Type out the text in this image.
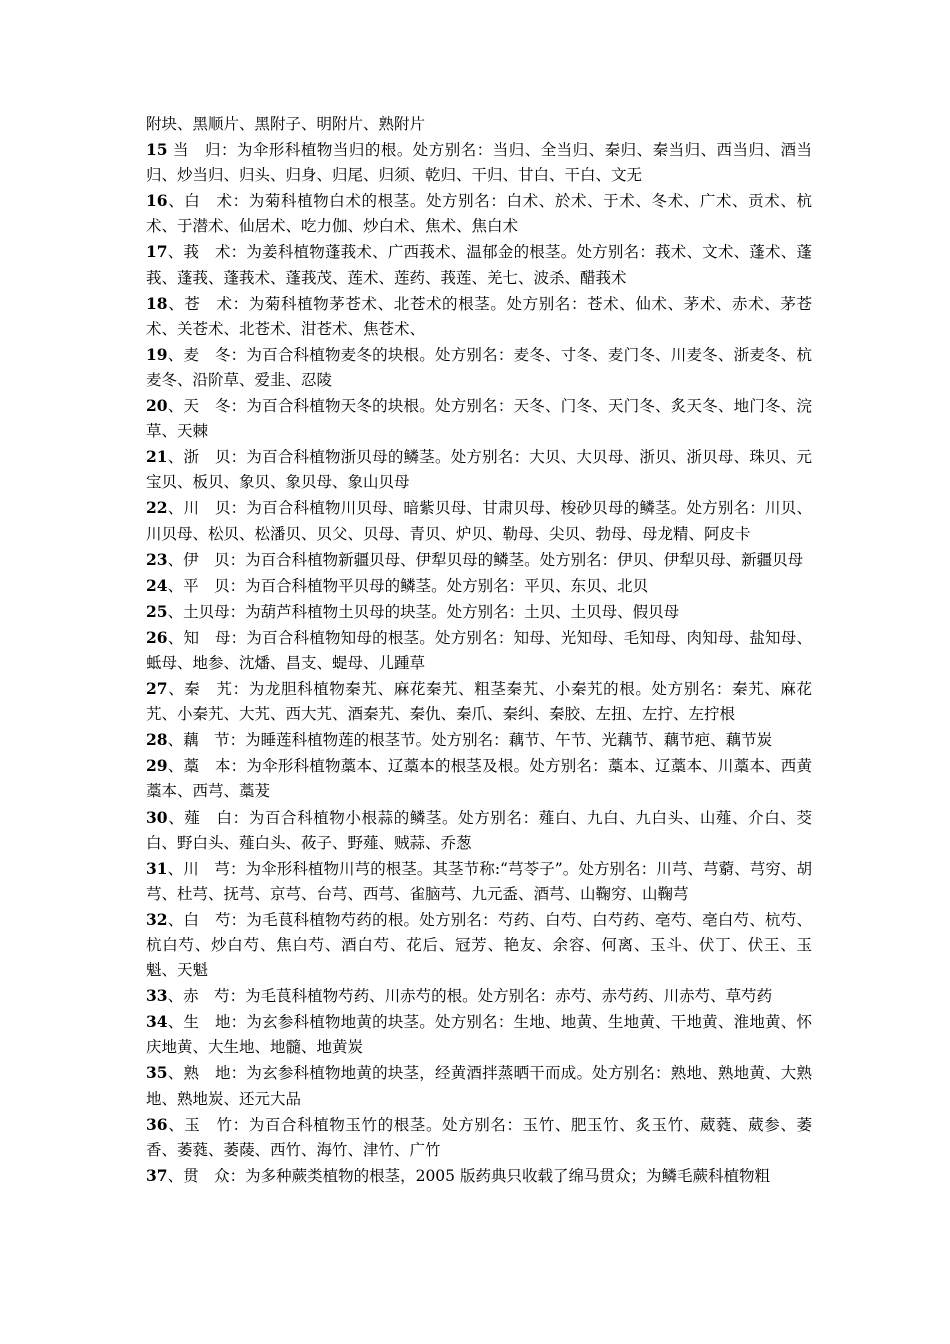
附块、黑顺片、黑附子、明附片、熟附片

15 当　归：为伞形科植物当归的根。处方别名：当归、全当归、秦归、秦当归、西当归、酒当归、炒当归、归头、归身、归尾、归须、乾归、干归、甘白、干白、文无

16、白　术：为菊科植物白术的根茎。处方别名：白术、於术、于术、冬术、广术、贡术、杭术、于潜术、仙居术、吃力伽、炒白术、焦术、焦白术

17、莪　术：为姜科植物蓬莪术、广西莪术、温郁金的根茎。处方别名：莪术、文术、蓬术、蓬莪、蓬莪、蓬莪术、蓬莪茂、莲术、莲药、莪莲、羌七、波杀、醋莪术

18、苍　术：为菊科植物茅苍术、北苍术的根茎。处方别名：苍术、仙术、茅术、赤术、茅苍术、关苍术、北苍术、泔苍术、焦苍术、

19、麦　冬：为百合科植物麦冬的块根。处方别名：麦冬、寸冬、麦门冬、川麦冬、浙麦冬、杭麦冬、沿阶草、爱韭、忍陵

20、天　冬：为百合科植物天冬的块根。处方别名：天冬、门冬、天门冬、炙天冬、地门冬、浣草、天棘

21、浙　贝：为百合科植物浙贝母的鳞茎。处方别名：大贝、大贝母、浙贝、浙贝母、珠贝、元宝贝、板贝、象贝、象贝母、象山贝母

22、川　贝：为百合科植物川贝母、暗紫贝母、甘肃贝母、梭砂贝母的鳞茎。处方别名：川贝、川贝母、松贝、松潘贝、贝父、贝母、青贝、炉贝、勒母、尖贝、勃母、母龙精、阿皮卡

23、伊　贝：为百合科植物新疆贝母、伊犁贝母的鳞茎。处方别名：伊贝、伊犁贝母、新疆贝母

24、平　贝：为百合科植物平贝母的鳞茎。处方别名：平贝、东贝、北贝

25、土贝母：为葫芦科植物土贝母的块茎。处方别名：土贝、土贝母、假贝母

26、知　母：为百合科植物知母的根茎。处方别名：知母、光知母、毛知母、肉知母、盐知母、蚳母、地参、沈燔、昌支、蝭母、儿踵草

27、秦　艽：为龙胆科植物秦艽、麻花秦艽、粗茎秦艽、小秦艽的根。处方别名：秦艽、麻花艽、小秦艽、大艽、西大艽、酒秦艽、秦仇、秦爪、秦纠、秦胶、左扭、左拧、左拧根

28、藕　节：为睡莲科植物莲的根茎节。处方别名：藕节、午节、光藕节、藕节疤、藕节炭

29、藁　本：为伞形科植物藁本、辽藁本的根茎及根。处方别名：藁本、辽藁本、川藁本、西黄藁本、西芎、藁茇

30、薤　白：为百合科植物小根蒜的鳞茎。处方别名：薤白、九白、九白头、山薤、介白、茭白、野白头、薤白头、莜子、野薤、贼蒜、乔葱

31、川　芎：为伞形科植物川芎的根茎。其茎节称:“芎苓子”。处方别名：川芎、芎藭、芎穷、胡芎、杜芎、抚芎、京芎、台芎、西芎、雀脑芎、九元盉、酒芎、山鞠穷、山鞠芎

32、白　芍：为毛茛科植物芍药的根。处方别名：芍药、白芍、白芍药、亳芍、亳白芍、杭芍、杭白芍、炒白芍、焦白芍、酒白芍、花后、冠芳、艳友、余容、何离、玉斗、伏丁、伏王、玉魁、天魁

33、赤　芍：为毛茛科植物芍药、川赤芍的根。处方别名：赤芍、赤芍药、川赤芍、草芍药

34、生　地：为玄参科植物地黄的块茎。处方别名：生地、地黄、生地黄、干地黄、淮地黄、怀庆地黄、大生地、地髓、地黄炭

35、熟　地：为玄参科植物地黄的块茎，经黄酒拌蒸晒干而成。处方别名：熟地、熟地黄、大熟地、熟地炭、还元大品

36、玉　竹：为百合科植物玉竹的根茎。处方别名：玉竹、肥玉竹、炙玉竹、葳蕤、葳参、萎香、萎蕤、萎䔖、西竹、海竹、津竹、广竹

37、贯　众：为多种蕨类植物的根茎，2005 版药典只收载了绵马贯众；为鳞毛蕨科植物粗
